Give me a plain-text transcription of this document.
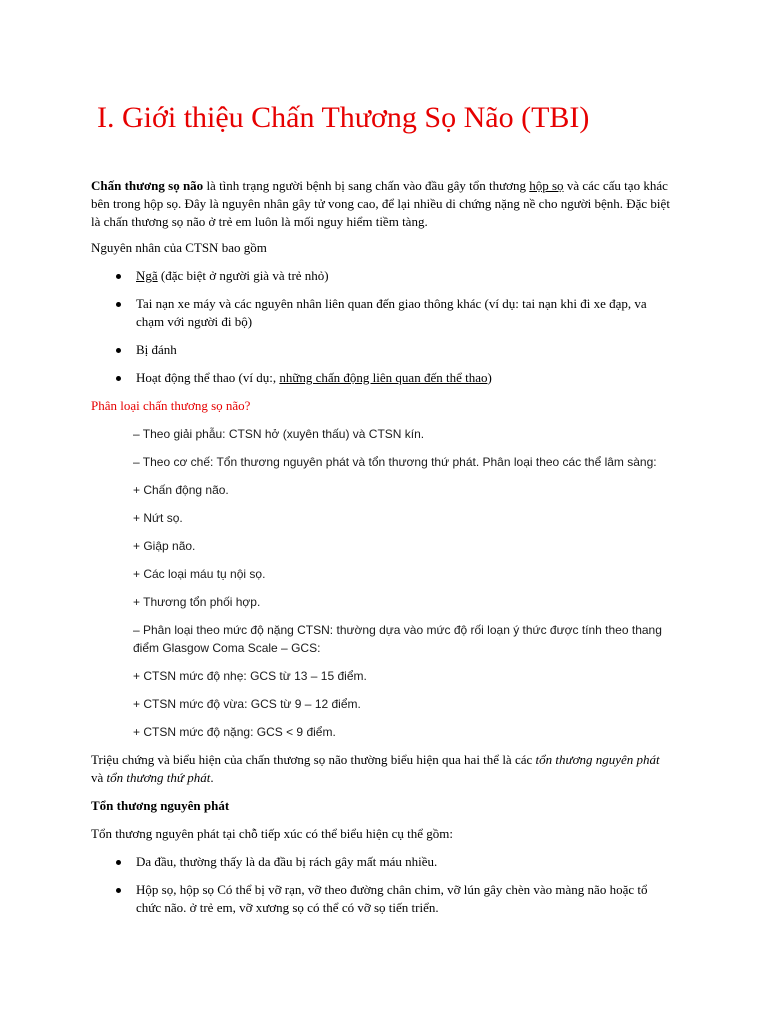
I. Giới thiệu Chấn Thương Sọ Não (TBI)

Chấn thương sọ não là tình trạng người bệnh bị sang chấn vào đầu gây tổn thương hộp sọ và các cấu tạo khác bên trong hộp sọ. Đây là nguyên nhân gây tử vong cao, để lại nhiều di chứng nặng nề cho người bệnh. Đặc biệt là chấn thương sọ não ở trẻ em luôn là mối nguy hiểm tiềm tàng.

Nguyên nhân của CTSN bao gồm

Ngã (đặc biệt ở người già và trẻ nhỏ)
Tai nạn xe máy và các nguyên nhân liên quan đến giao thông khác (ví dụ: tai nạn khi đi xe đạp, va chạm với người đi bộ)
Bị đánh
Hoạt động thể thao (ví dụ:, những chấn động liên quan đến thể thao)

Phân loại chấn thương sọ não?

– Theo giải phẫu: CTSN hở (xuyên thấu) và CTSN kín.
– Theo cơ chế: Tổn thương nguyên phát và tổn thương thứ phát. Phân loại theo các thể lâm sàng:
+ Chấn động não.
+ Nứt sọ.
+ Giập não.
+ Các loại máu tụ nội sọ.
+ Thương tổn phối hợp.
– Phân loại theo mức độ nặng CTSN: thường dựa vào mức độ rối loạn ý thức được tính theo thang điểm Glasgow Coma Scale – GCS:
+ CTSN mức độ nhẹ: GCS từ 13 – 15 điểm.
+ CTSN mức độ vừa: GCS từ 9 – 12 điểm.
+ CTSN mức độ nặng: GCS < 9 điểm.

Triệu chứng và biểu hiện của chấn thương sọ não thường biểu hiện qua hai thể là các tổn thương nguyên phát và tổn thương thứ phát.

Tổn thương nguyên phát

Tổn thương nguyên phát tại chỗ tiếp xúc có thể biểu hiện cụ thể gồm:

Da đầu, thường thấy là da đầu bị rách gây mất máu nhiều.
Hộp sọ, hộp sọ Có thể bị vỡ rạn, vỡ theo đường chân chim, vỡ lún gây chèn vào màng não hoặc tổ chức não. ở trẻ em, vỡ xương sọ có thể có vỡ sọ tiến triển.
